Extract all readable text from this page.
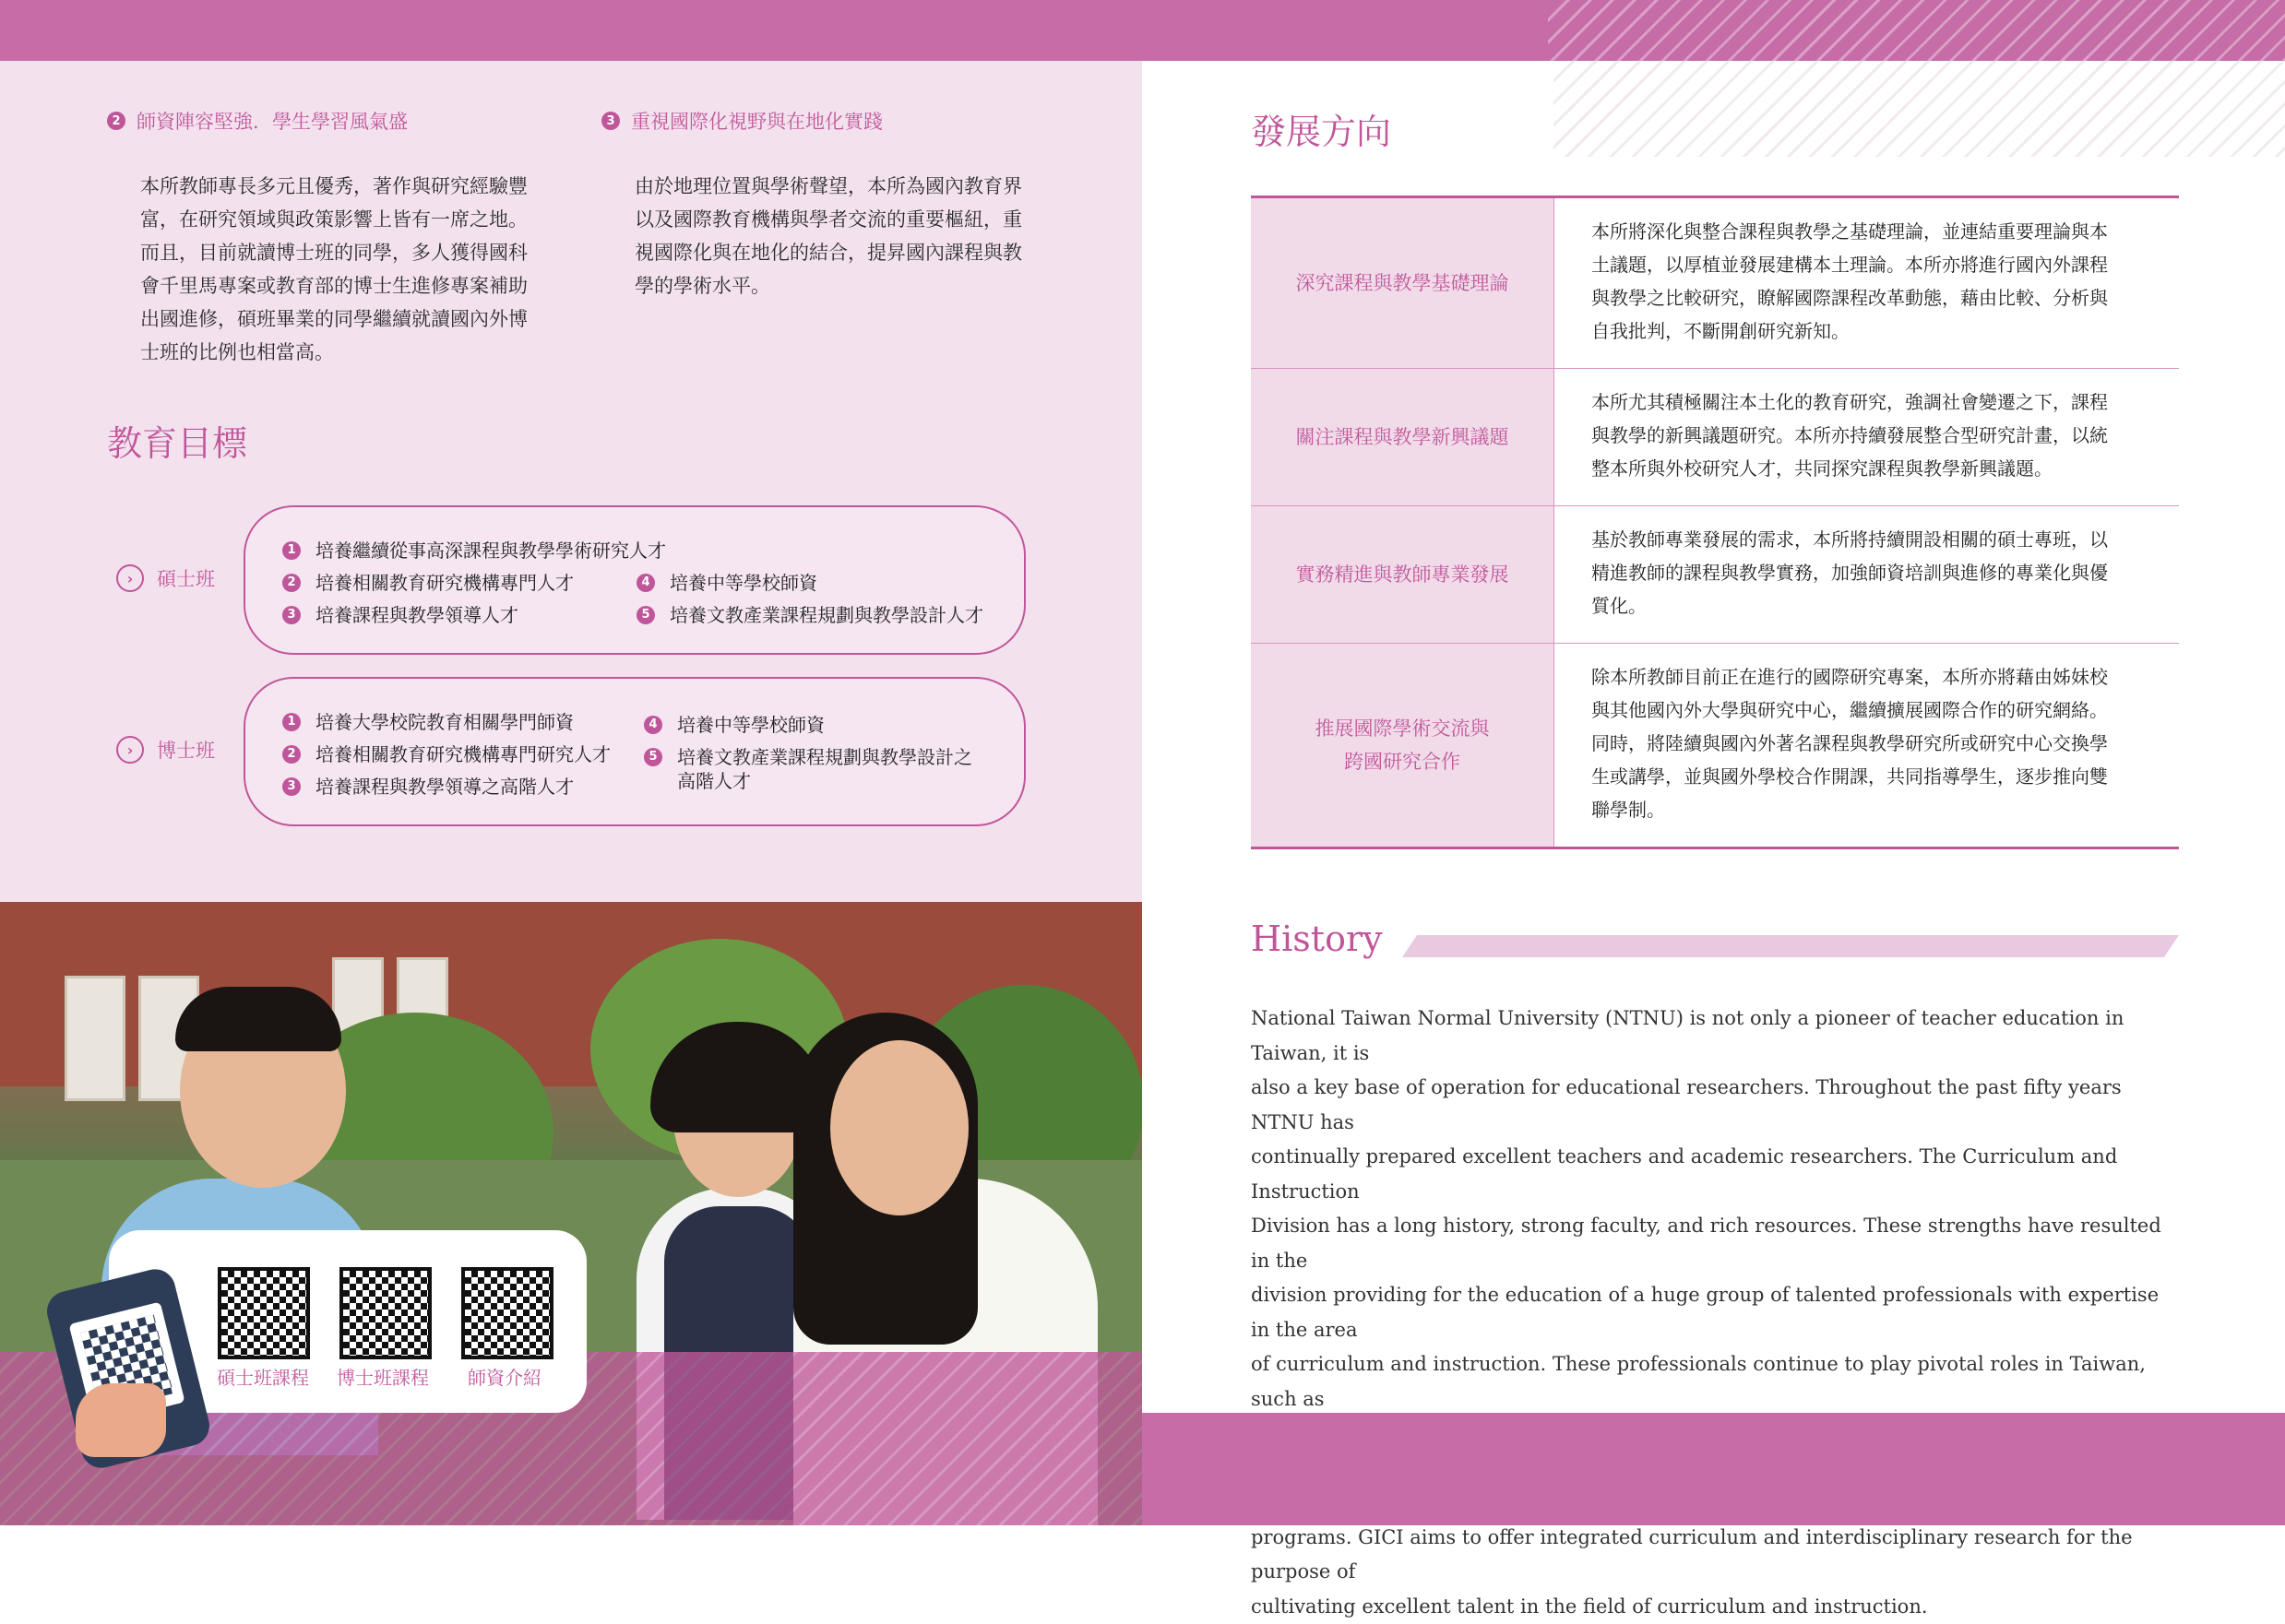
2 師資陣容堅強．學生學習風氣盛
本所教師專長多元且優秀，著作與研究經驗豐
富，在研究領域與政策影響上皆有一席之地。
而且，目前就讀博士班的同學，多人獲得國科
會千里馬專案或教育部的博士生進修專案補助
出國進修，碩班畢業的同學繼續就讀國內外博
士班的比例也相當高。
3 重視國際化視野與在地化實踐
由於地理位置與學術聲望，本所為國內教育界
以及國際教育機構與學者交流的重要樞紐，重
視國際化與在地化的結合，提昇國內課程與教
學的學術水平。
教育目標
›	碩士班
1 培養繼續從事高深課程與教學學術研究人才
2 培養相關教育研究機構專門人才
3 培養課程與教學領導人才
4 培養中等學校師資
5 培養文教產業課程規劃與教學設計人才
›	博士班
1 培養大學校院教育相關學門師資
2 培養相關教育研究機構專門研究人才
3 培養課程與教學領導之高階人才
4 培養中等學校師資
5 培養文教產業課程規劃與教學設計之
高階人才
碩士班課程	博士班課程	師資介紹
發展方向
深究課程與教學基礎理論
本所將深化與整合課程與教學之基礎理論，並連結重要理論與本
土議題，以厚植並發展建構本土理論。本所亦將進行國內外課程
與教學之比較研究，瞭解國際課程改革動態，藉由比較、分析與
自我批判，不斷開創研究新知。
關注課程與教學新興議題
本所尤其積極關注本土化的教育研究，強調社會變遷之下，課程
與教學的新興議題研究。本所亦持續發展整合型研究計畫，以統
整本所與外校研究人才，共同探究課程與教學新興議題。
實務精進與教師專業發展
基於教師專業發展的需求，本所將持續開設相關的碩士專班，以
精進教師的課程與教學實務，加強師資培訓與進修的專業化與優
質化。
推展國際學術交流與
跨國研究合作
除本所教師目前正在進行的國際研究專案，本所亦將藉由姊妹校
與其他國內外大學與研究中心，繼續擴展國際合作的研究網絡。
同時，將陸續與國內外著名課程與教學研究所或研究中心交換學
生或講學，並與國外學校合作開課，共同指導學生，逐步推向雙
聯學制。
History
National Taiwan Normal University (NTNU) is not only a pioneer of teacher education in Taiwan, it is
also a key base of operation for educational researchers. Throughout the past fifty years NTNU has
continually prepared excellent teachers and academic researchers. The Curriculum and Instruction
Division has a long history, strong faculty, and rich resources. These strengths have resulted in the
division providing for the education of a huge group of talented professionals with expertise in the area
of curriculum and instruction. These professionals continue to play pivotal roles in Taiwan, such as
programs. GICI aims to offer integrated curriculum and interdisciplinary research for the purpose of
cultivating excellent talent in the field of curriculum and instruction.
